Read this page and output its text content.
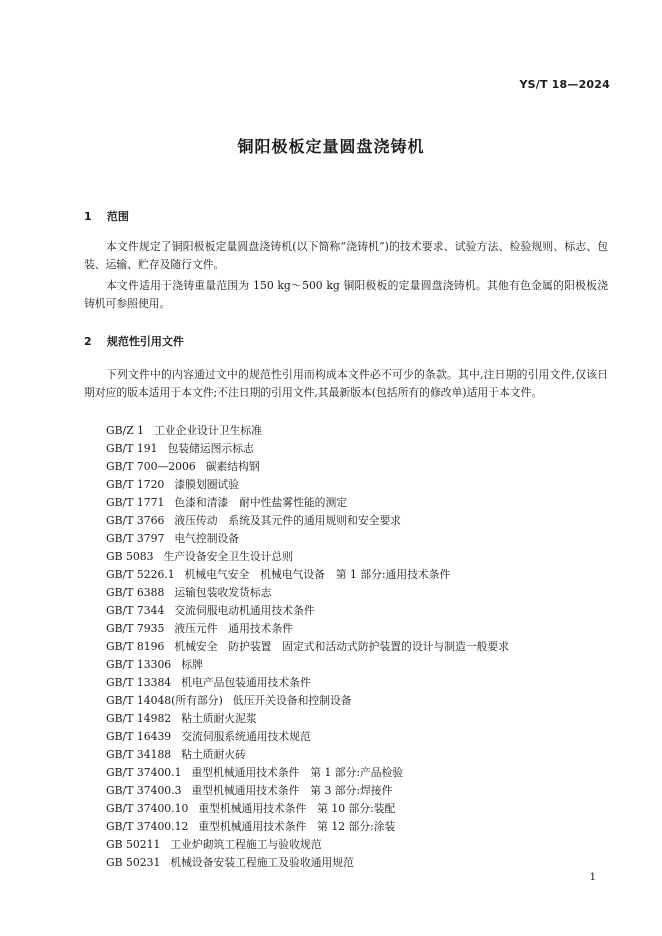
YS/T 18—2024
铜阳极板定量圆盘浇铸机
1 范围
本文件规定了铜阳极板定量圆盘浇铸机(以下简称“浇铸机”)的技术要求、试验方法、检验规则、标志、包装、运输、贮存及随行文件。
本文件适用于浇铸重量范围为 150 kg～500 kg 铜阳极板的定量圆盘浇铸机。其他有色金属的阳极板浇铸机可参照使用。
2 规范性引用文件
下列文件中的内容通过文中的规范性引用而构成本文件必不可少的条款。其中,注日期的引用文件,仅该日期对应的版本适用于本文件;不注日期的引用文件,其最新版本(包括所有的修改单)适用于本文件。
GB/Z 1 工业企业设计卫生标准
GB/T 191 包装储运图示标志
GB/T 700—2006 碳素结构钢
GB/T 1720 漆膜划圈试验
GB/T 1771 色漆和清漆　耐中性盐雾性能的测定
GB/T 3766 液压传动　系统及其元件的通用规则和安全要求
GB/T 3797 电气控制设备
GB 5083 生产设备安全卫生设计总则
GB/T 5226.1 机械电气安全　机械电气设备　第 1 部分:通用技术条件
GB/T 6388 运输包装收发货标志
GB/T 7344 交流伺服电动机通用技术条件
GB/T 7935 液压元件　通用技术条件
GB/T 8196 机械安全　防护装置　固定式和活动式防护装置的设计与制造一般要求
GB/T 13306 标牌
GB/T 13384 机电产品包装通用技术条件
GB/T 14048(所有部分) 低压开关设备和控制设备
GB/T 14982 粘土质耐火泥浆
GB/T 16439 交流伺服系统通用技术规范
GB/T 34188 粘土质耐火砖
GB/T 37400.1 重型机械通用技术条件　第 1 部分:产品检验
GB/T 37400.3 重型机械通用技术条件　第 3 部分:焊接件
GB/T 37400.10 重型机械通用技术条件　第 10 部分:装配
GB/T 37400.12 重型机械通用技术条件　第 12 部分:涂装
GB 50211 工业炉砌筑工程施工与验收规范
GB 50231 机械设备安装工程施工及验收通用规范
1
